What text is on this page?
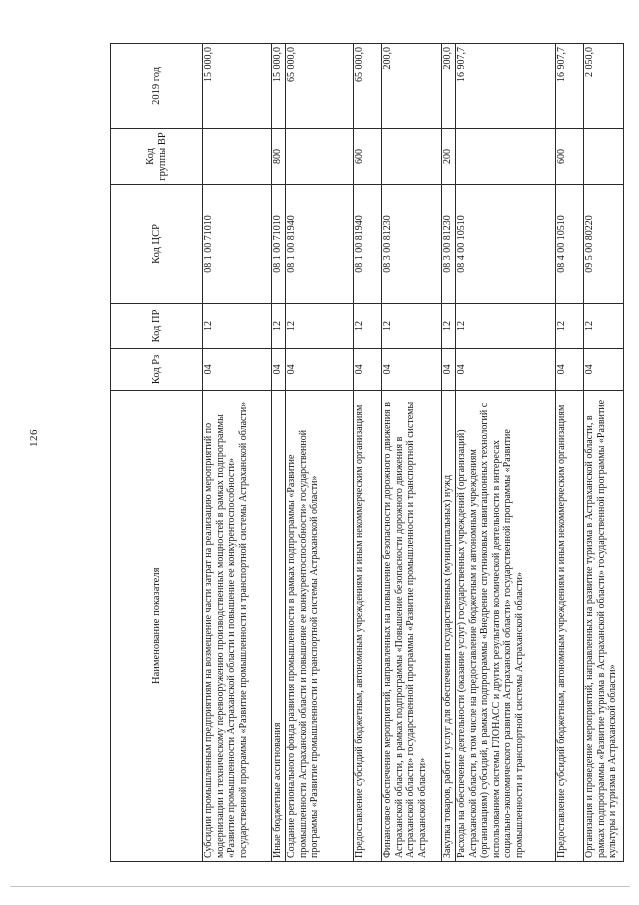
126
Наименование показателя	Код Рз	Код ПР	Код ЦСР	Код группы ВР	2019 год
Субсидии промышленным предприятиям на возмещение части затрат на реализацию мероприятий по модернизации и техническому перевооружению производственных мощностей в рамках подпрограммы «Развитие промышленности Астраханской области и повышение ее конкурентоспособности» государственной программы «Развитие промышленности и транспортной системы Астраханской области»	04	12	08 1 00 71010		15 000,0
Иные бюджетные ассигнования	04	12	08 1 00 71010	800	15 000,0
Создание регионального фонда развития промышленности в рамках подпрограммы «Развитие промышленности Астраханской области и повышение ее конкурентоспособности» государственной программы «Развитие промышленности и транспортной системы Астраханской области»	04	12	08 1 00 81940		65 000,0
Предоставление субсидий бюджетным, автономным учреждениям и иным некоммерческим организациям	04	12	08 1 00 81940	600	65 000,0
Финансовое обеспечение мероприятий, направленных на повышение безопасности дорожного движения в Астраханской области, в рамках подпрограммы «Повышение безопасности дорожного движения в Астраханской области» государственной программы «Развитие промышленности и транспортной системы Астраханской области»	04	12	08 3 00 81230		200,0
Закупка товаров, работ и услуг для обеспечения государственных (муниципальных) нужд	04	12	08 3 00 81230	200	200,0
Расходы на обеспечение деятельности (оказание услуг) государственных учреждений (организаций) Астраханской области, в том числе на предоставление бюджетным и автономным учреждениям (организациям) субсидий, в рамках подпрограммы «Внедрение спутниковых навигационных технологий с использованием системы ГЛОНАСС и других результатов космической деятельности в интересах социально-экономического развития Астраханской области» государственной программы «Развитие промышленности и транспортной системы Астраханской области»	04	12	08 4 00 10510		16 907,7
Предоставление субсидий бюджетным, автономным учреждениям и иным некоммерческим организациям	04	12	08 4 00 10510	600	16 907,7
Организация и проведение мероприятий, направленных на развитие туризма в Астраханской области, в рамках подпрограммы «Развитие туризма в Астраханской области» государственной программы «Развитие культуры и туризма в Астраханской области»	04	12	09 5 00 80220		2 050,0
